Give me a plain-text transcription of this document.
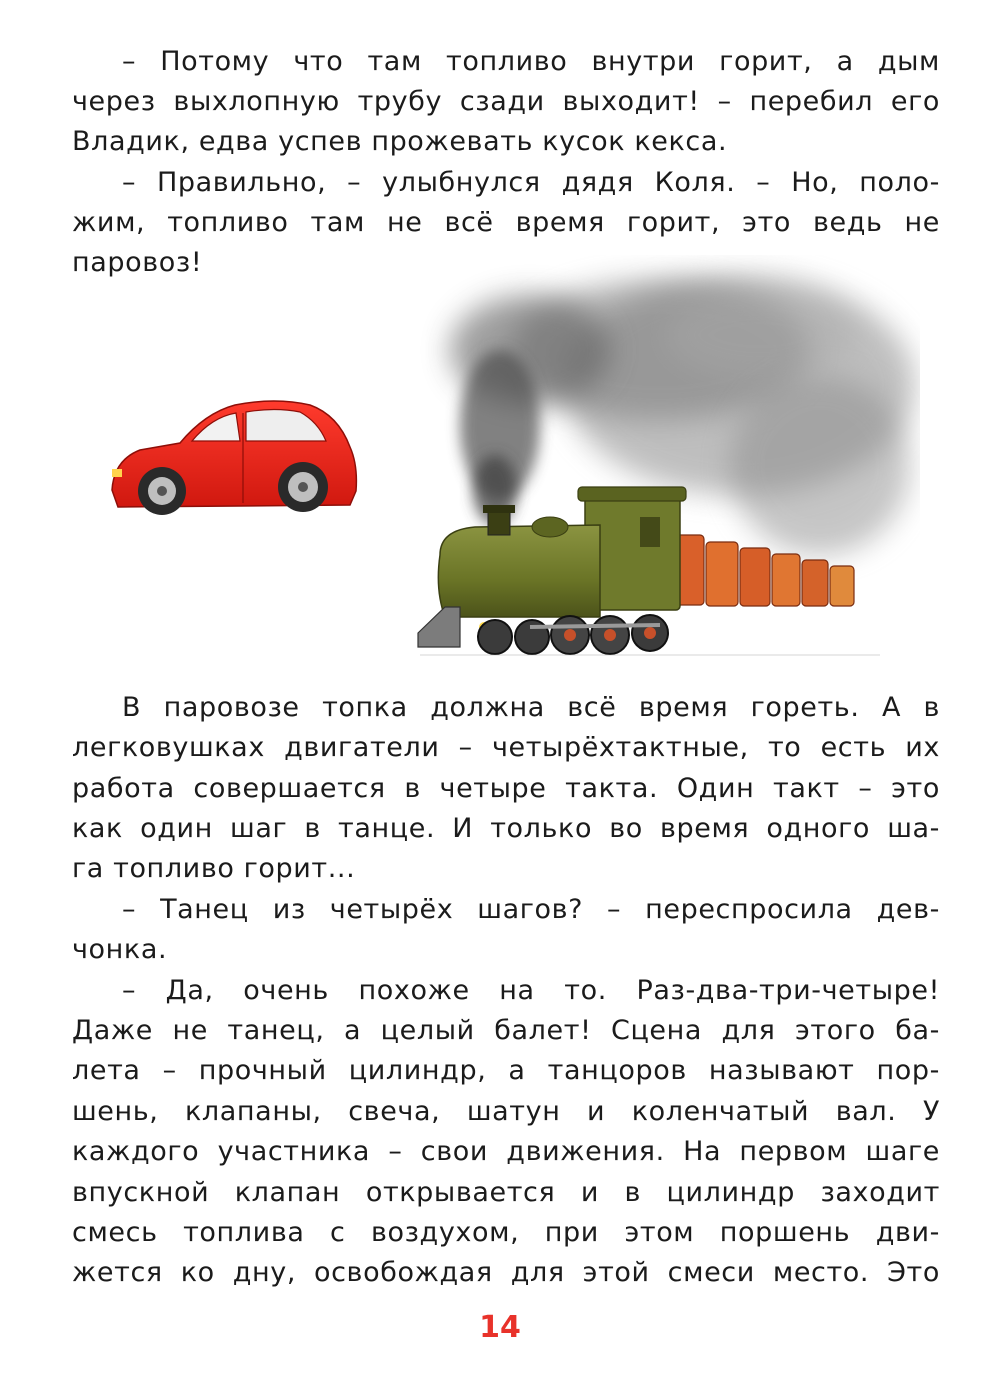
– Потому что там топливо внутри горит, а дым
через выхлопную трубу сзади выходит! – перебил его
Владик, едва успев прожевать кусок кекса.
– Правильно, – улыбнулся дядя Коля. – Но, поло-
жим, топливо там не всё время горит, это ведь не
паровоз!
В паровозе топка должна всё время гореть. А в
легковушках двигатели – четырёхтактные, то есть их
работа совершается в четыре такта. Один такт – это
как один шаг в танце. И только во время одного ша-
га топливо горит...
– Танец из четырёх шагов? – переспросила дев-
чонка.
– Да, очень похоже на то. Раз-два-три-четыре!
Даже не танец, а целый балет! Сцена для этого ба-
лета – прочный цилиндр, а танцоров называют пор-
шень, клапаны, свеча, шатун и коленчатый вал. У
каждого участника – свои движения. На первом шаге
впускной клапан открывается и в цилиндр заходит
смесь топлива с воздухом, при этом поршень дви-
жется ко дну, освобождая для этой смеси место. Это
14
